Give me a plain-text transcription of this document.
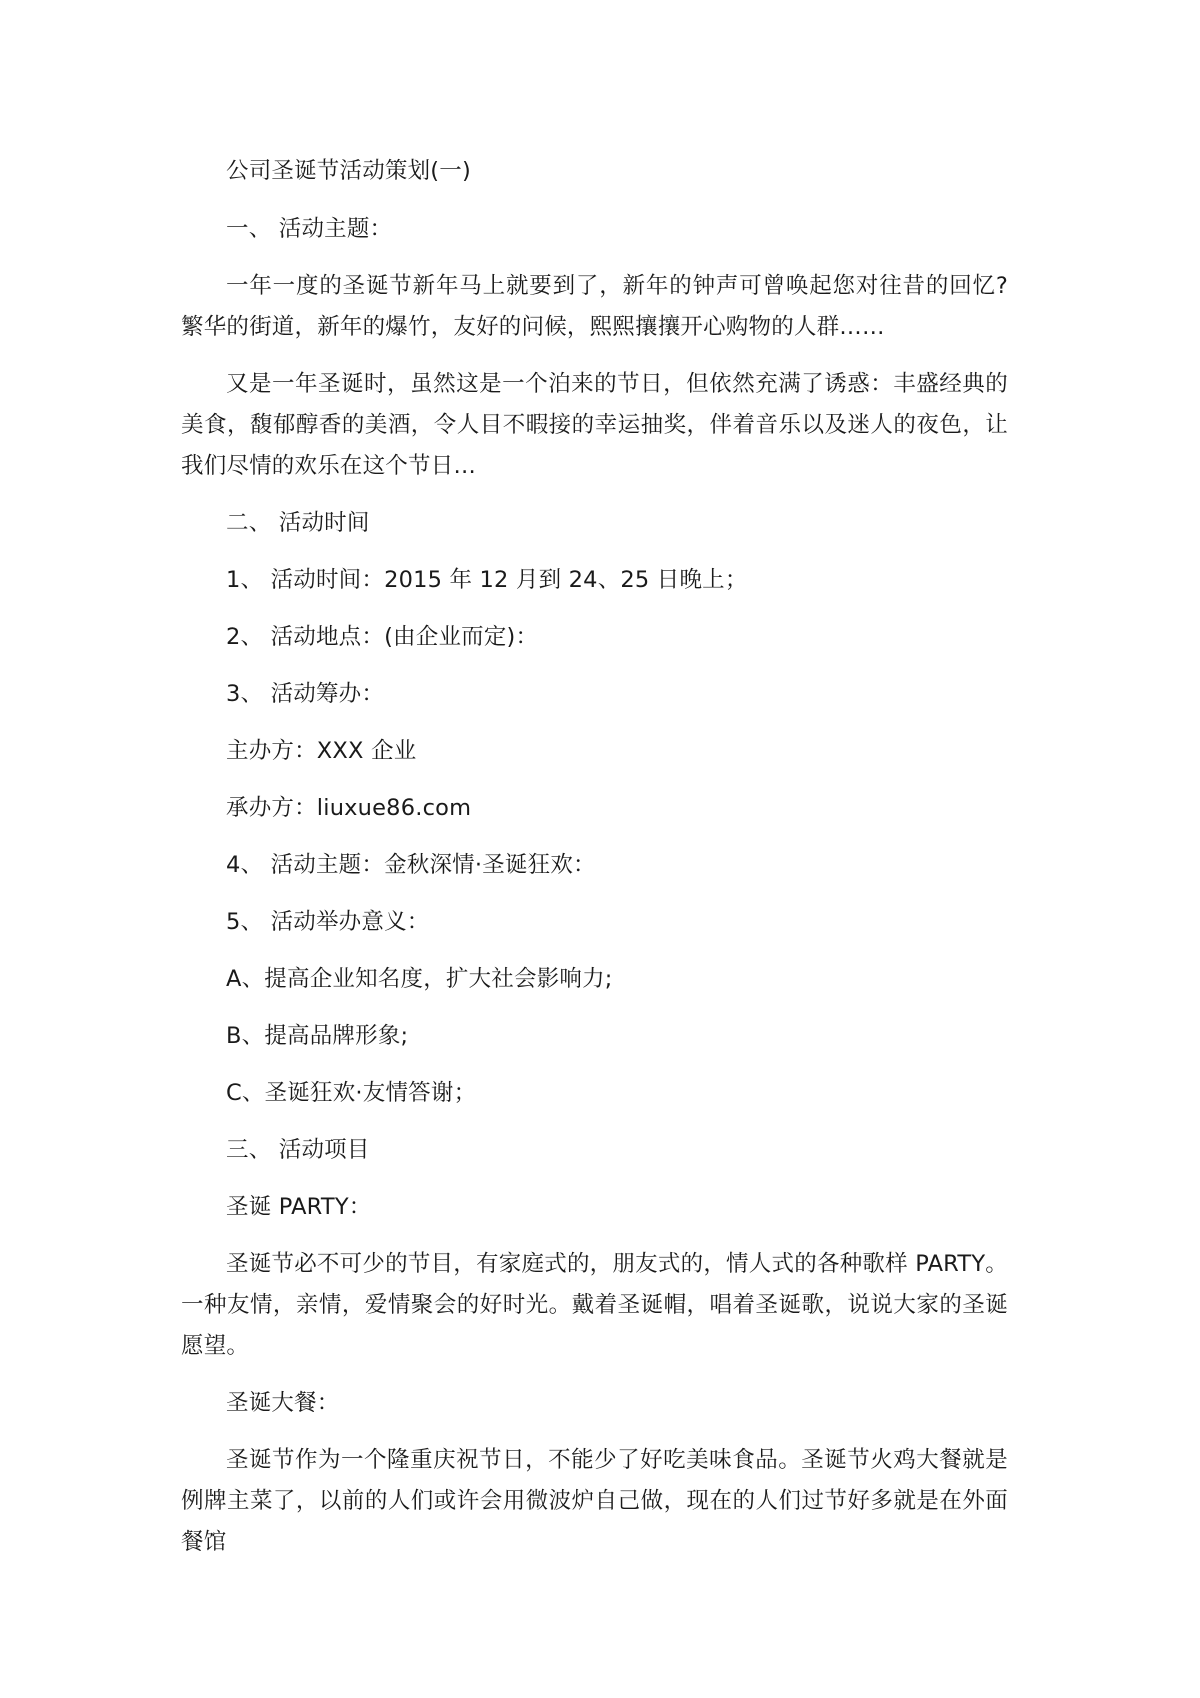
公司圣诞节活动策划(一)

一、 活动主题：

一年一度的圣诞节新年马上就要到了，新年的钟声可曾唤起您对往昔的回忆?繁华的街道，新年的爆竹，友好的问候，熙熙攘攘开心购物的人群……

又是一年圣诞时，虽然这是一个泊来的节日，但依然充满了诱惑：丰盛经典的美食，馥郁醇香的美酒，令人目不暇接的幸运抽奖，伴着音乐以及迷人的夜色，让我们尽情的欢乐在这个节日…

二、 活动时间

1、 活动时间：2015 年 12 月到 24、25 日晚上；

2、 活动地点：(由企业而定)：

3、 活动筹办：

主办方：XXX 企业

承办方：liuxue86.com

4、 活动主题：金秋深情·圣诞狂欢：

5、 活动举办意义：

A、提高企业知名度，扩大社会影响力;

B、提高品牌形象;

C、圣诞狂欢·友情答谢；

三、 活动项目

圣诞 PARTY：

圣诞节必不可少的节目，有家庭式的，朋友式的，情人式的各种歌样 PARTY。一种友情，亲情，爱情聚会的好时光。戴着圣诞帽，唱着圣诞歌，说说大家的圣诞愿望。

圣诞大餐：

圣诞节作为一个隆重庆祝节日，不能少了好吃美味食品。圣诞节火鸡大餐就是例牌主菜了，以前的人们或许会用微波炉自己做，现在的人们过节好多就是在外面餐馆
